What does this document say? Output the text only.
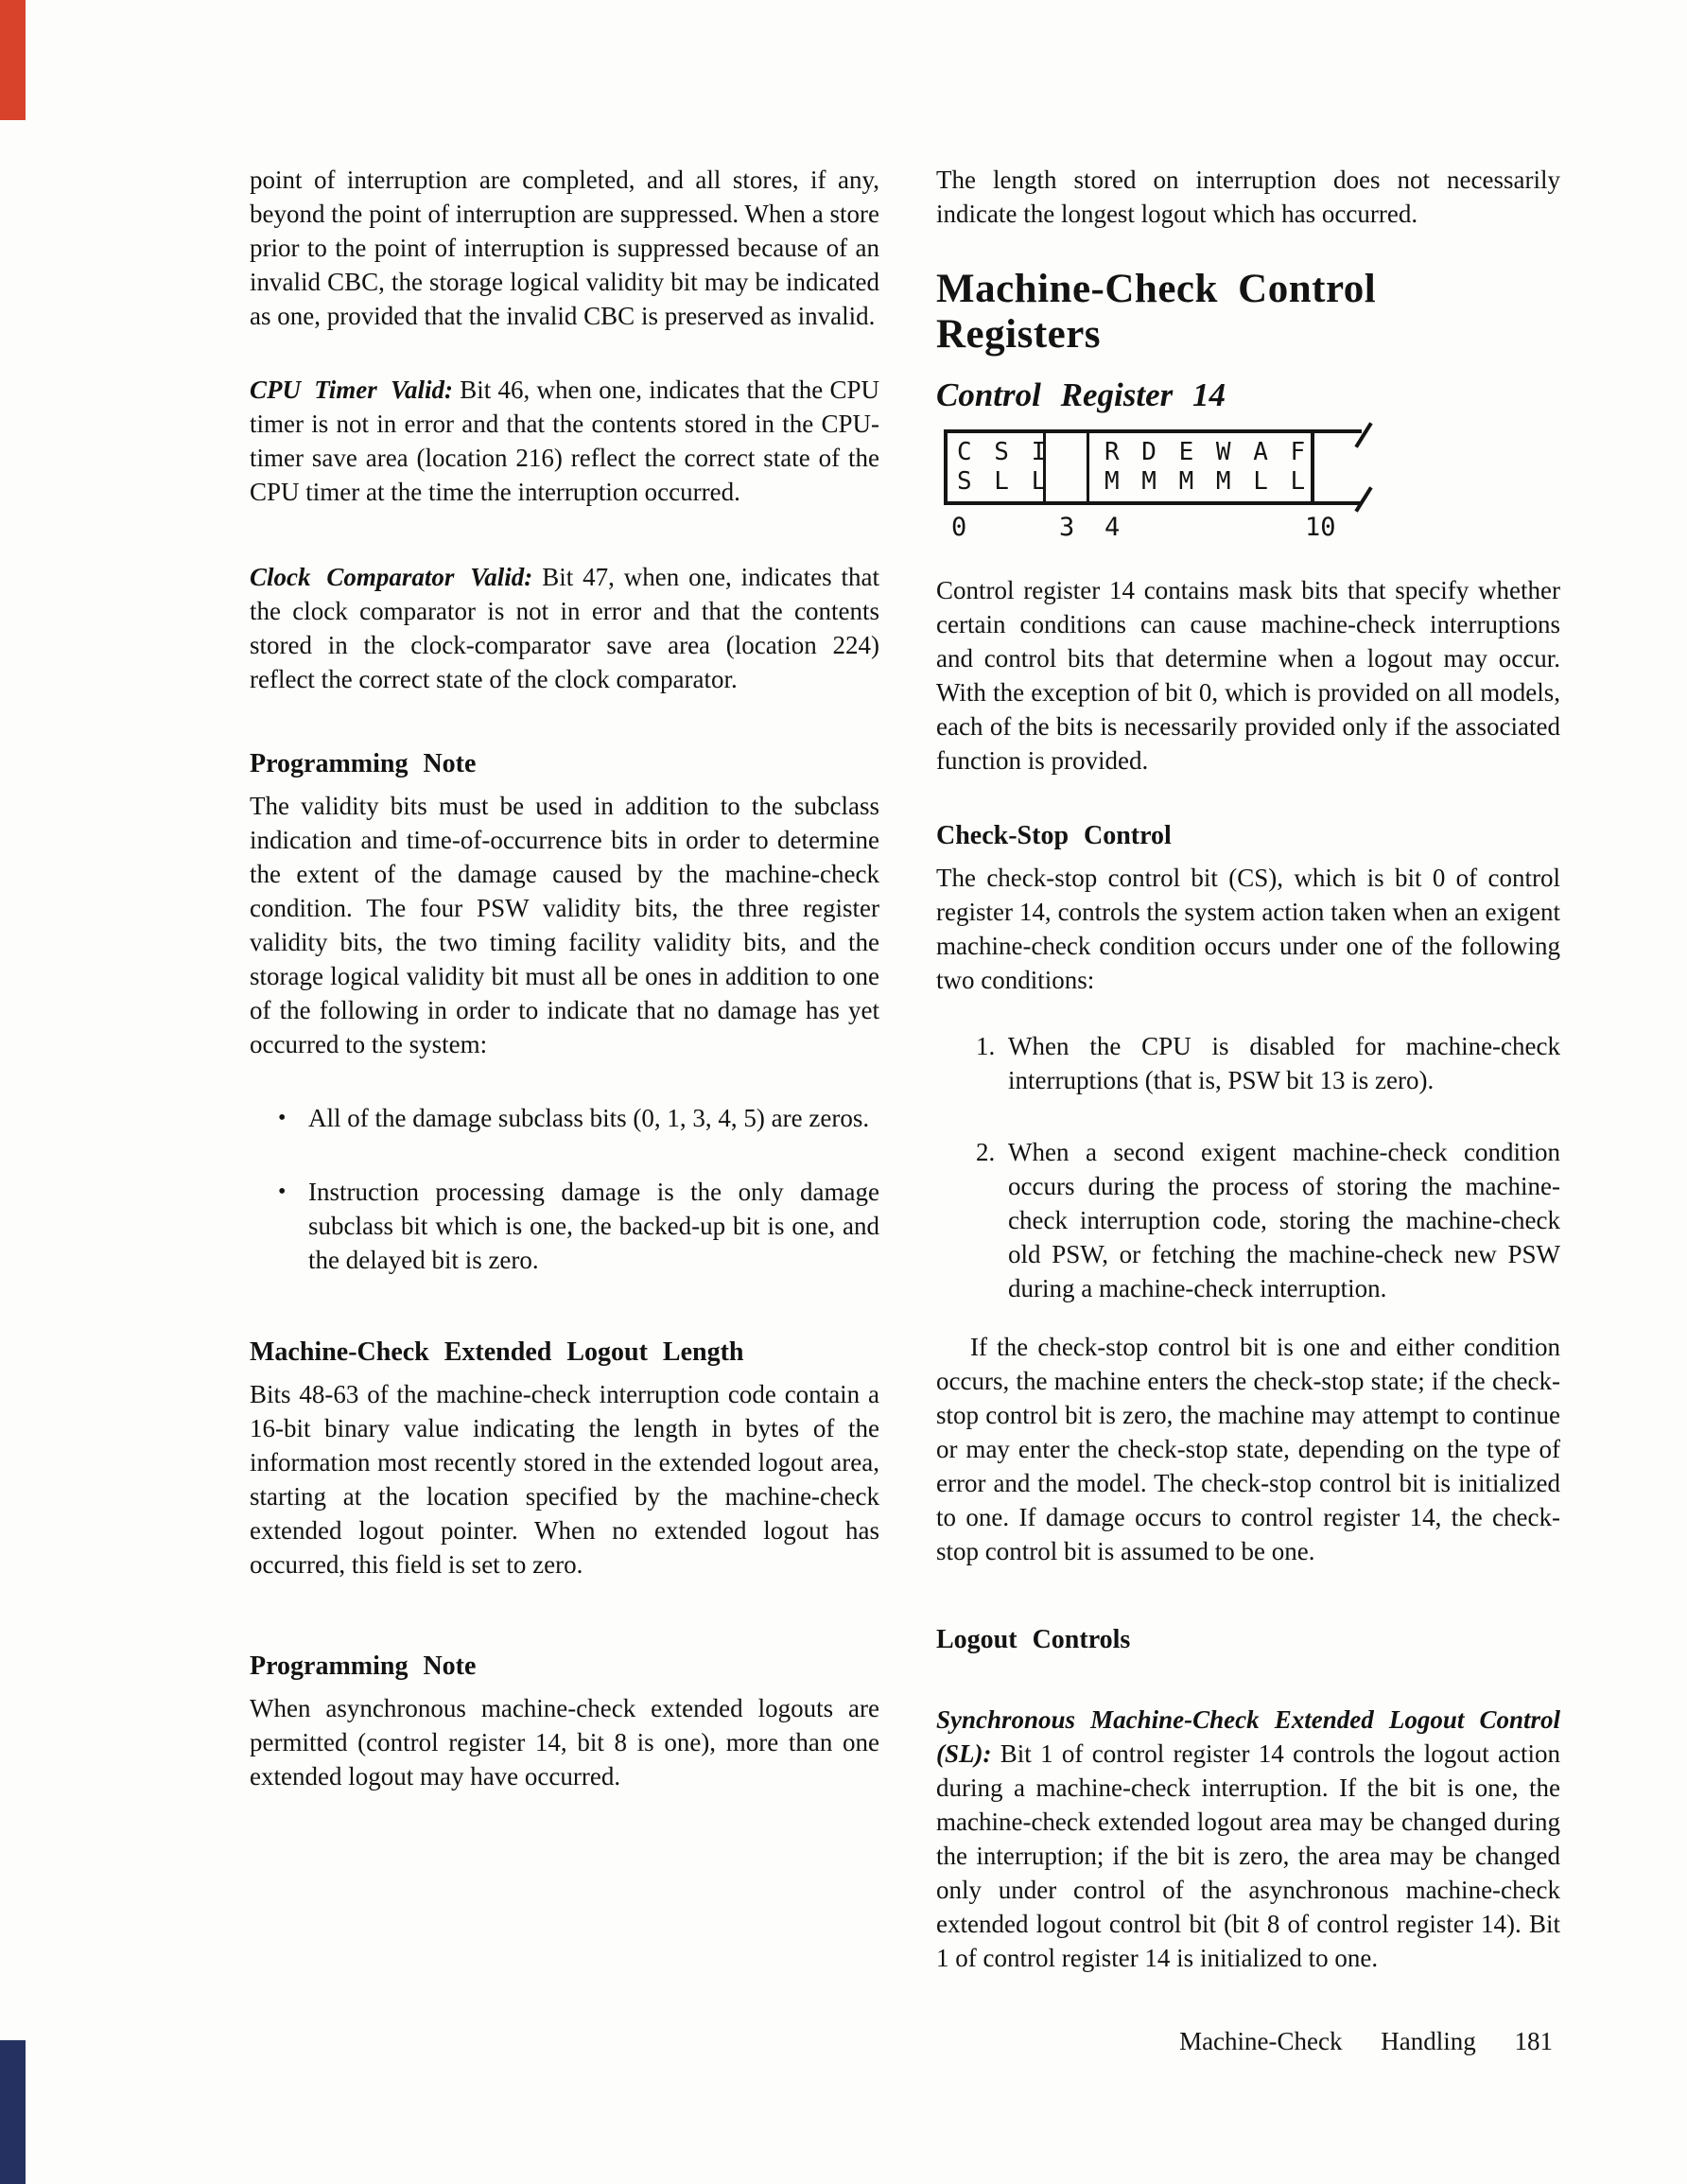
point of interruption are completed, and all stores, if any, beyond the point of interruption are suppressed. When a store prior to the point of interruption is suppressed because of an invalid CBC, the storage logical validity bit may be indicated as one, provided that the invalid CBC is preserved as invalid.

CPU Timer Valid: Bit 46, when one, indicates that the CPU timer is not in error and that the contents stored in the CPU-timer save area (location 216) reflect the correct state of the CPU timer at the time the interruption occurred.

Clock Comparator Valid: Bit 47, when one, indicates that the clock comparator is not in error and that the contents stored in the clock-comparator save area (location 224) reflect the correct state of the clock comparator.

Programming Note

The validity bits must be used in addition to the subclass indication and time-of-occurrence bits in order to determine the extent of the damage caused by the machine-check condition. The four PSW validity bits, the three register validity bits, the two timing facility validity bits, and the storage logical validity bit must all be ones in addition to one of the following in order to indicate that no damage has yet occurred to the system:

• All of the damage subclass bits (0, 1, 3, 4, 5) are zeros.
• Instruction processing damage is the only damage subclass bit which is one, the backed-up bit is one, and the delayed bit is zero.

Machine-Check Extended Logout Length

Bits 48-63 of the machine-check interruption code contain a 16-bit binary value indicating the length in bytes of the information most recently stored in the extended logout area, starting at the location specified by the machine-check extended logout pointer. When no extended logout has occurred, this field is set to zero.

Programming Note

When asynchronous machine-check extended logouts are permitted (control register 14, bit 8 is one), more than one extended logout may have occurred.

The length stored on interruption does not necessarily indicate the longest logout which has occurred.

Machine-Check Control Registers

Control Register 14

C S I
S L L
R D E W A F
M M M M L L
0	3 4	10

Control register 14 contains mask bits that specify whether certain conditions can cause machine-check interruptions and control bits that determine when a logout may occur. With the exception of bit 0, which is provided on all models, each of the bits is necessarily provided only if the associated function is provided.

Check-Stop Control

The check-stop control bit (CS), which is bit 0 of control register 14, controls the system action taken when an exigent machine-check condition occurs under one of the following two conditions:

1. When the CPU is disabled for machine-check interruptions (that is, PSW bit 13 is zero).
2. When a second exigent machine-check condition occurs during the process of storing the machine-check interruption code, storing the machine-check old PSW, or fetching the machine-check new PSW during a machine-check interruption.

If the check-stop control bit is one and either condition occurs, the machine enters the check-stop state; if the check-stop control bit is zero, the machine may attempt to continue or may enter the check-stop state, depending on the type of error and the model. The check-stop control bit is initialized to one. If damage occurs to control register 14, the check-stop control bit is assumed to be one.

Logout Controls

Synchronous Machine-Check Extended Logout Control (SL): Bit 1 of control register 14 controls the logout action during a machine-check interruption. If the bit is one, the machine-check extended logout area may be changed during the interruption; if the bit is zero, the area may be changed only under control of the asynchronous machine-check extended logout control bit (bit 8 of control register 14). Bit 1 of control register 14 is initialized to one.

Machine-Check Handling 181
